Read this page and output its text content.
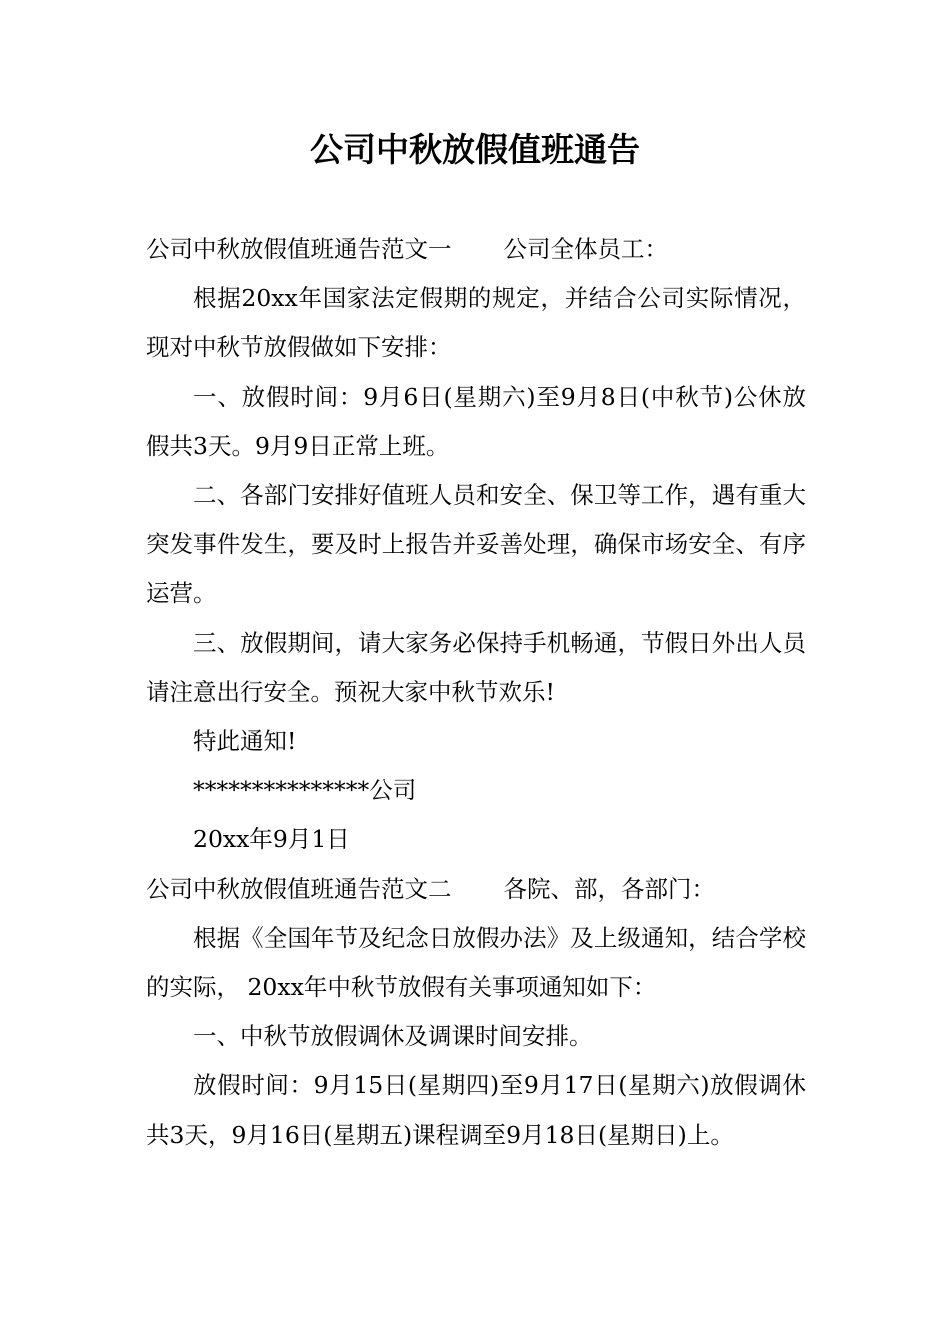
公司中秋放假值班通告

公司中秋放假值班通告范文一 公司全体员工：

根据20xx年国家法定假期的规定，并结合公司实际情况，现对中秋节放假做如下安排：

一、放假时间：9月6日(星期六)至9月8日(中秋节)公休放假共3天。9月9日正常上班。

二、各部门安排好值班人员和安全、保卫等工作，遇有重大突发事件发生，要及时上报告并妥善处理，确保市场安全、有序运营。

三、放假期间，请大家务必保持手机畅通，节假日外出人员请注意出行安全。预祝大家中秋节欢乐!

特此通知!

***************公司

20xx年9月1日

公司中秋放假值班通告范文二 各院、部，各部门：

根据《全国年节及纪念日放假办法》及上级通知，结合学校的实际， 20xx年中秋节放假有关事项通知如下：

一、中秋节放假调休及调课时间安排。

放假时间：9月15日(星期四)至9月17日(星期六)放假调休共3天，9月16日(星期五)课程调至9月18日(星期日)上。
